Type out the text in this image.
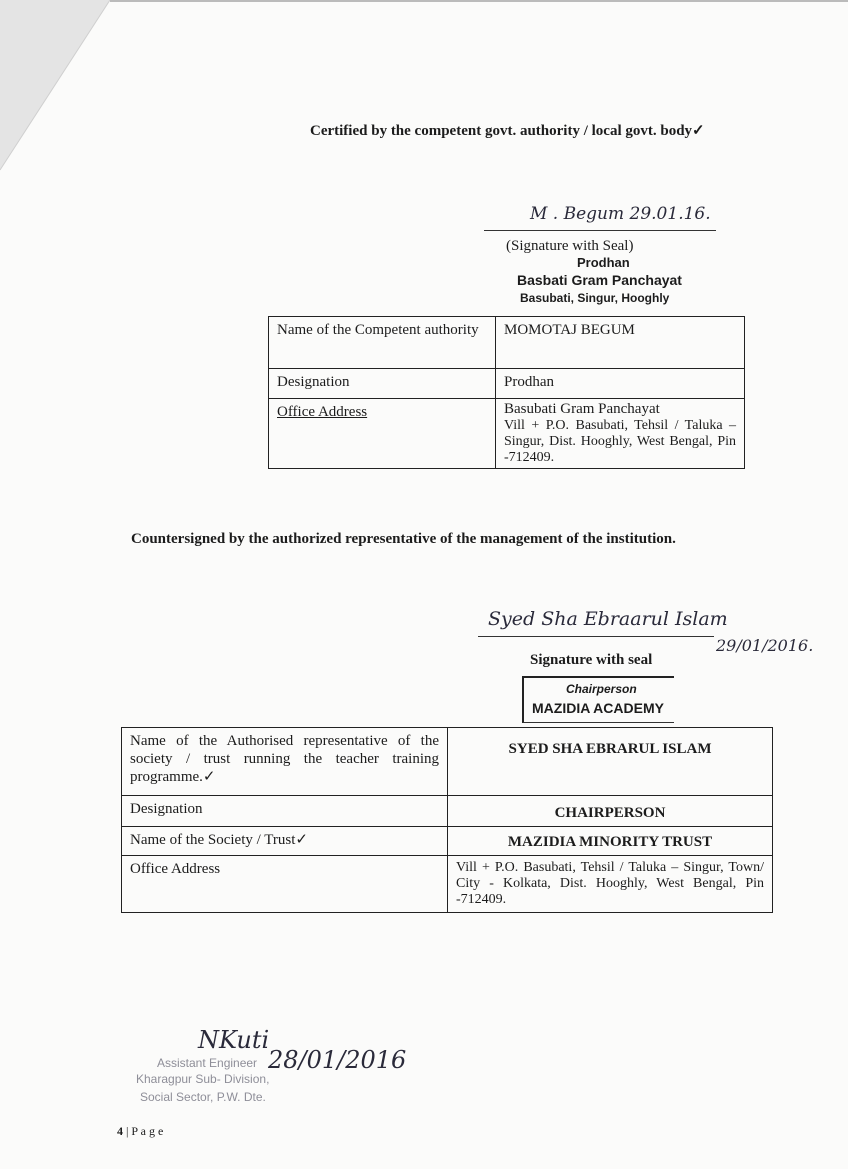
Certified by the competent govt. authority / local govt. body✓
M . Begum 29.01.16.
(Signature with Seal)
Prodhan
Basbati Gram Panchayat
Basubati, Singur, Hooghly
Name of the Competent authority	MOMOTAJ BEGUM
Designation	Prodhan
Office Address	Basubati Gram Panchayat
Vill + P.O. Basubati, Tehsil / Taluka – Singur, Dist. Hooghly, West Bengal, Pin -712409.
Countersigned by the authorized representative of the management of the institution.
Syed Sha Ebraarul Islam
29/01/2016.
Signature with seal
Chairperson
MAZIDIA ACADEMY
Name of the Authorised representative of the society / trust running the teacher training programme.✓	SYED SHA EBRARUL ISLAM
Designation	CHAIRPERSON
Name of the Society / Trust✓	MAZIDIA MINORITY TRUST
Office Address	Vill + P.O. Basubati, Tehsil / Taluka – Singur, Town/ City - Kolkata, Dist. Hooghly, West Bengal, Pin -712409.
NKuti
28/01/2016
Assistant Engineer
Kharagpur Sub- Division,
Social Sector, P.W. Dte.
4 | P a g e
